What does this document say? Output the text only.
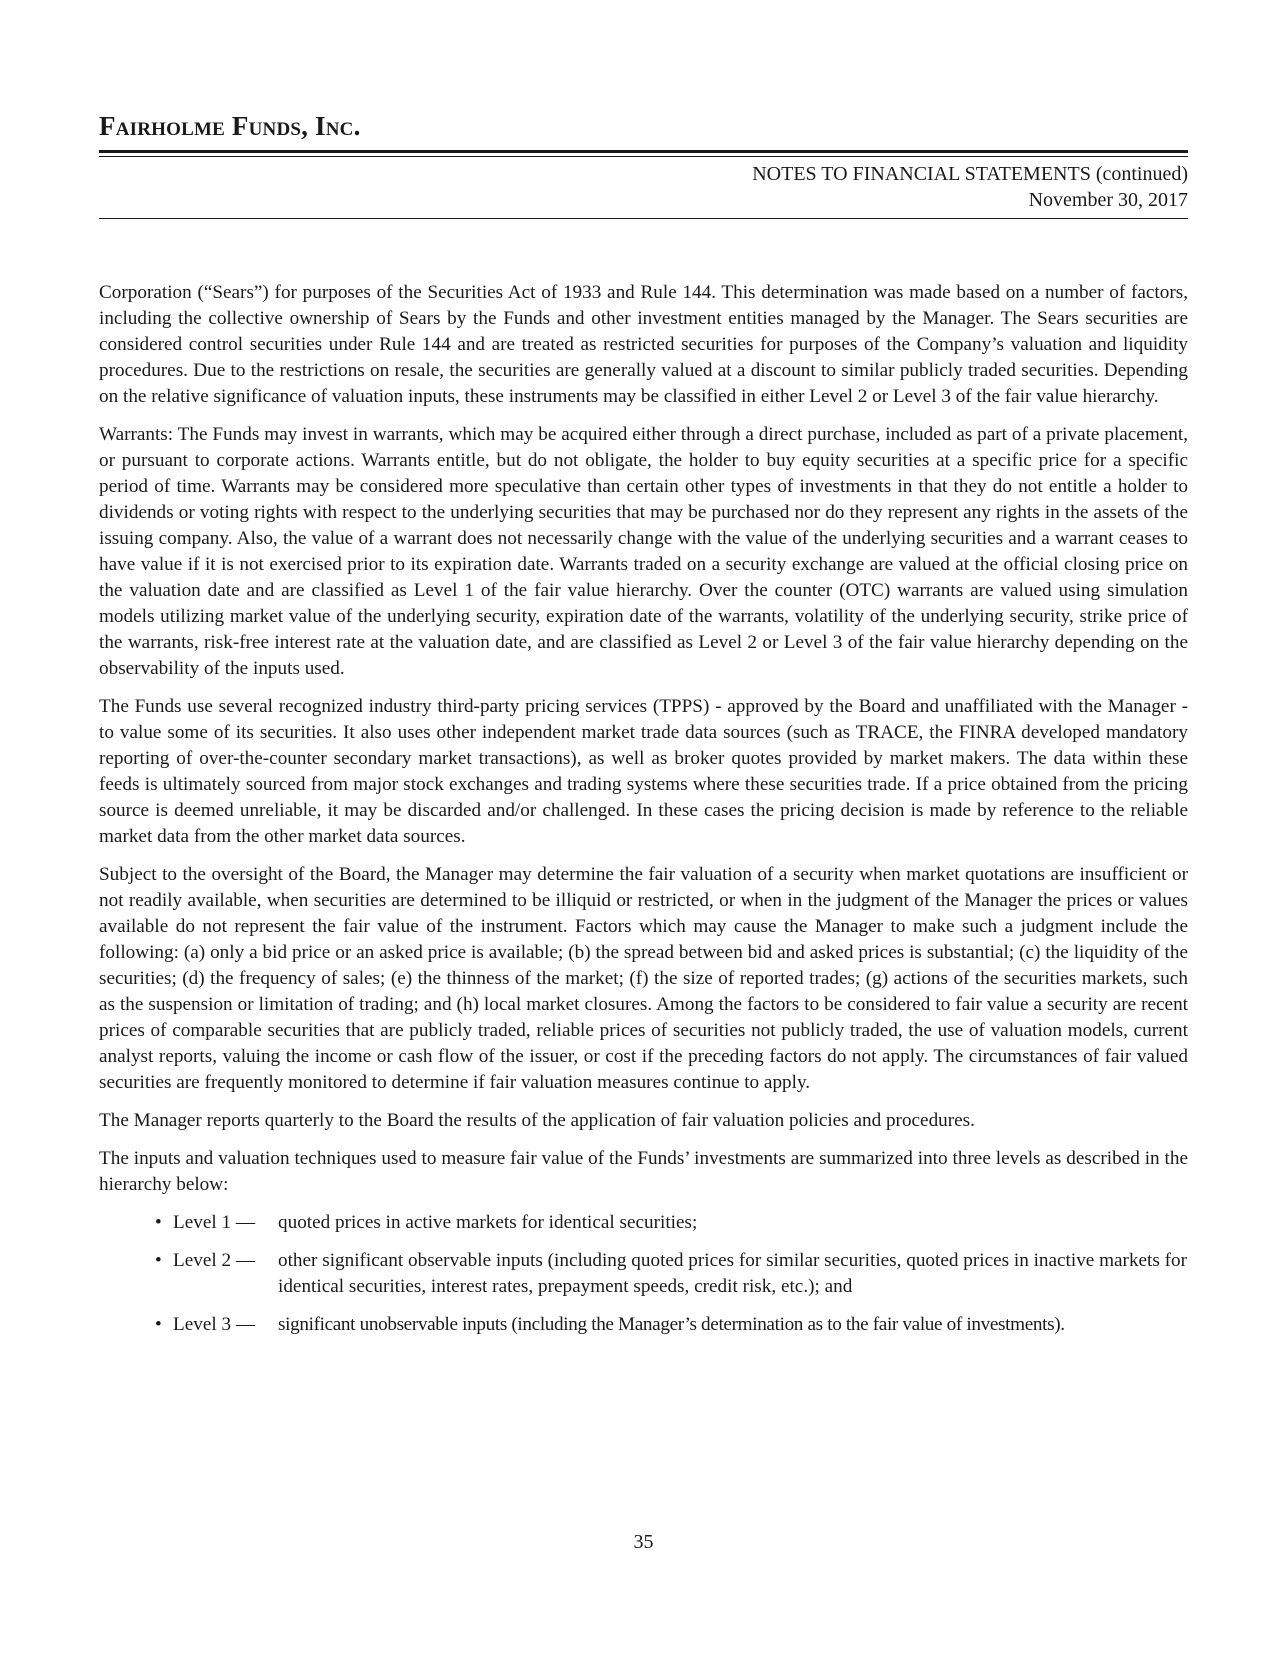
Fairholme Funds, Inc.
NOTES TO FINANCIAL STATEMENTS (continued)
November 30, 2017

Corporation (“Sears”) for purposes of the Securities Act of 1933 and Rule 144. This determination was made based on a number of factors, including the collective ownership of Sears by the Funds and other investment entities managed by the Manager. The Sears securities are considered control securities under Rule 144 and are treated as restricted securities for purposes of the Company’s valuation and liquidity procedures. Due to the restrictions on resale, the securities are generally valued at a discount to similar publicly traded securities. Depending on the relative significance of valuation inputs, these instruments may be classified in either Level 2 or Level 3 of the fair value hierarchy.

Warrants: The Funds may invest in warrants, which may be acquired either through a direct purchase, included as part of a private placement, or pursuant to corporate actions. Warrants entitle, but do not obligate, the holder to buy equity securities at a specific price for a specific period of time. Warrants may be considered more speculative than certain other types of investments in that they do not entitle a holder to dividends or voting rights with respect to the underlying securities that may be purchased nor do they represent any rights in the assets of the issuing company. Also, the value of a warrant does not necessarily change with the value of the underlying securities and a warrant ceases to have value if it is not exercised prior to its expiration date. Warrants traded on a security exchange are valued at the official closing price on the valuation date and are classified as Level 1 of the fair value hierarchy. Over the counter (OTC) warrants are valued using simulation models utilizing market value of the underlying security, expiration date of the warrants, volatility of the underlying security, strike price of the warrants, risk-free interest rate at the valuation date, and are classified as Level 2 or Level 3 of the fair value hierarchy depending on the observability of the inputs used.

The Funds use several recognized industry third-party pricing services (TPPS) - approved by the Board and unaffiliated with the Manager - to value some of its securities. It also uses other independent market trade data sources (such as TRACE, the FINRA developed mandatory reporting of over-the-counter secondary market transactions), as well as broker quotes provided by market makers. The data within these feeds is ultimately sourced from major stock exchanges and trading systems where these securities trade. If a price obtained from the pricing source is deemed unreliable, it may be discarded and/or challenged. In these cases the pricing decision is made by reference to the reliable market data from the other market data sources.

Subject to the oversight of the Board, the Manager may determine the fair valuation of a security when market quotations are insufficient or not readily available, when securities are determined to be illiquid or restricted, or when in the judgment of the Manager the prices or values available do not represent the fair value of the instrument. Factors which may cause the Manager to make such a judgment include the following: (a) only a bid price or an asked price is available; (b) the spread between bid and asked prices is substantial; (c) the liquidity of the securities; (d) the frequency of sales; (e) the thinness of the market; (f) the size of reported trades; (g) actions of the securities markets, such as the suspension or limitation of trading; and (h) local market closures. Among the factors to be considered to fair value a security are recent prices of comparable securities that are publicly traded, reliable prices of securities not publicly traded, the use of valuation models, current analyst reports, valuing the income or cash flow of the issuer, or cost if the preceding factors do not apply. The circumstances of fair valued securities are frequently monitored to determine if fair valuation measures continue to apply.

The Manager reports quarterly to the Board the results of the application of fair valuation policies and procedures.

The inputs and valuation techniques used to measure fair value of the Funds’ investments are summarized into three levels as described in the hierarchy below:

• Level 1 — quoted prices in active markets for identical securities;
• Level 2 — other significant observable inputs (including quoted prices for similar securities, quoted prices in inactive markets for identical securities, interest rates, prepayment speeds, credit risk, etc.); and
• Level 3 — significant unobservable inputs (including the Manager’s determination as to the fair value of investments).
35
